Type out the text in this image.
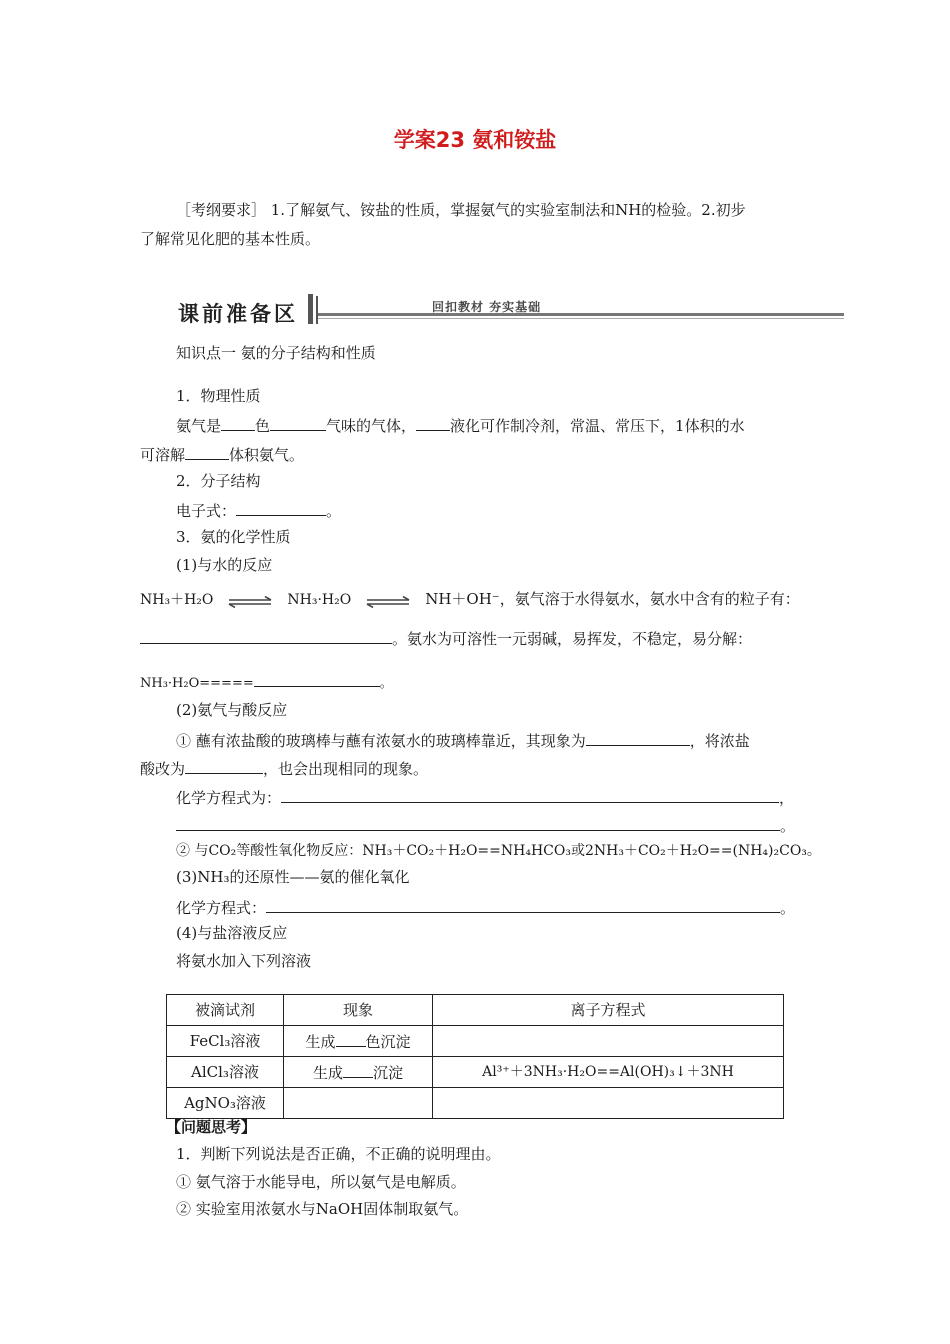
学案23 氨和铵盐
［考纲要求］ 1.了解氨气、铵盐的性质，掌握氨气的实验室制法和NH的检验。2.初步
了解常见化肥的基本性质。
课前准备区	回扣教材 夯实基础
知识点一 氨的分子结构和性质
1．物理性质
氨气是 色	气味的气体， 液化可作制冷剂，常温、常压下，1体积的水
可溶解	体积氨气。
2．分子结构
电子式：	。
3．氨的化学性质
(1)与水的反应
NH₃＋H₂O ⇌ NH₃·H₂O ⇌ NH＋OH⁻，氨气溶于水得氨水，氨水中含有的粒子有：
。氨水为可溶性一元弱碱，易挥发，不稳定，易分解：
NH₃·H₂O=====	。
(2)氨气与酸反应
① 蘸有浓盐酸的玻璃棒与蘸有浓氨水的玻璃棒靠近，其现象为	，将浓盐
酸改为	，也会出现相同的现象。
化学方程式为：	，
。
② 与CO₂等酸性氧化物反应：NH₃＋CO₂＋H₂O==NH₄HCO₃或2NH₃＋CO₂＋H₂O==(NH₄)₂CO₃。
(3)NH₃的还原性——氨的催化氧化
化学方程式：	。
(4)与盐溶液反应
将氨水加入下列溶液
被滴试剂	现象	离子方程式
FeCl₃溶液	生成 色沉淀	
AlCl₃溶液	生成 沉淀	Al³⁺＋3NH₃·H₂O==Al(OH)₃↓＋3NH
AgNO₃溶液		
【问题思考】
1．判断下列说法是否正确，不正确的说明理由。
① 氨气溶于水能导电，所以氨气是电解质。
② 实验室用浓氨水与NaOH固体制取氨气。
